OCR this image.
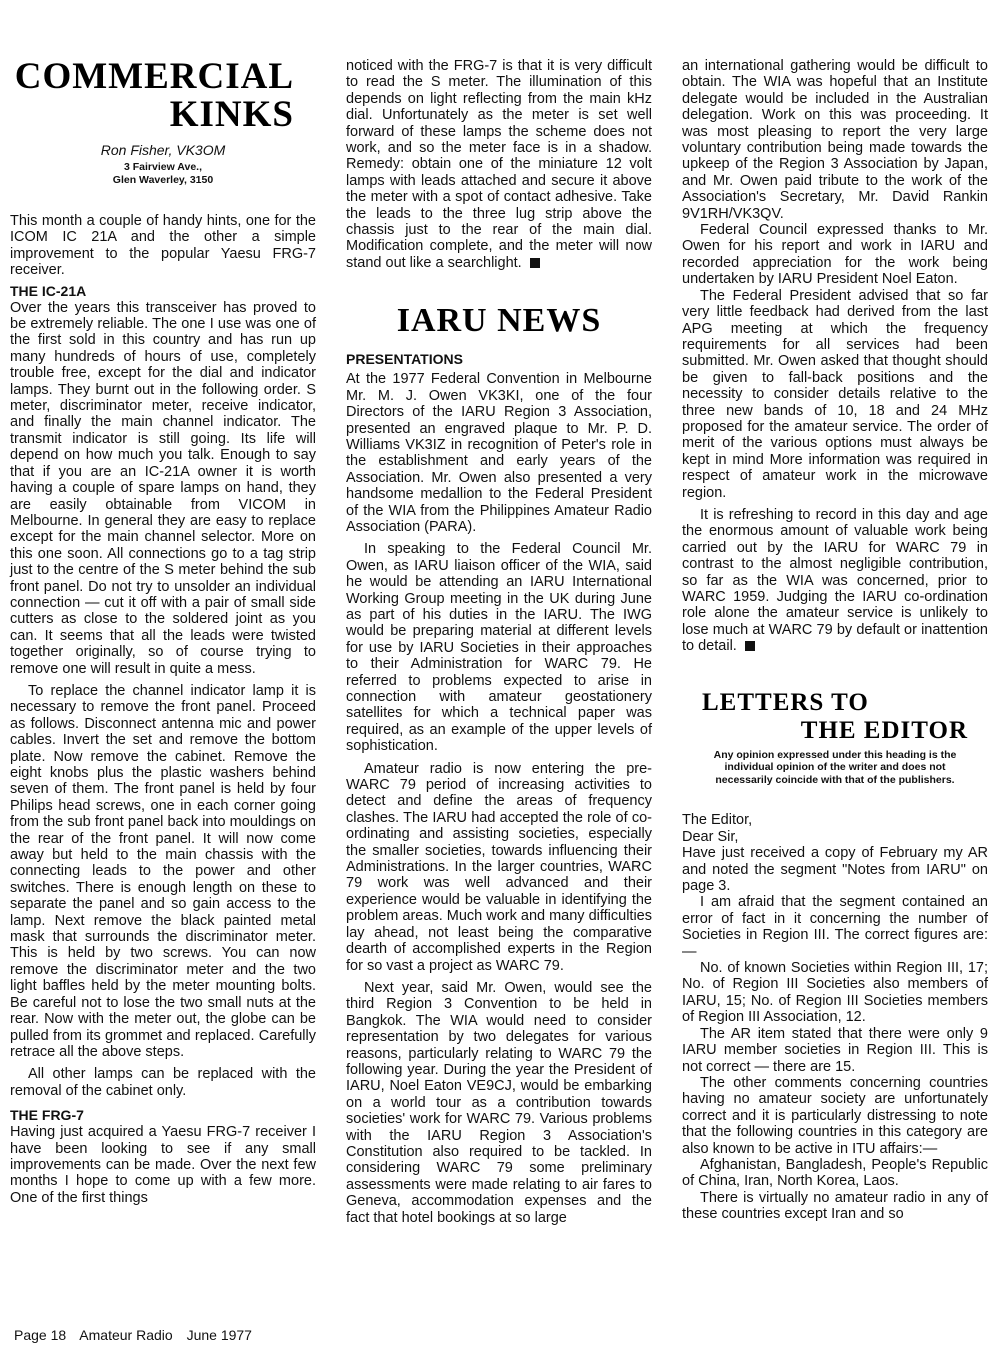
COMMERCIAL
KINKS
Ron Fisher, VK3OM
3 Fairview Ave.,
Glen Waverley, 3150

This month a couple of handy hints, one for the ICOM IC 21A and the other a simple improvement to the popular Yaesu FRG-7 receiver.

THE IC-21A

Over the years this transceiver has proved to be extremely reliable. The one I use was one of the first sold in this country and has run up many hundreds of hours of use, completely trouble free, except for the dial and indicator lamps. They burnt out in the following order. S meter, discriminator meter, receive indicator, and finally the main channel indicator. The transmit indicator is still going. Its life will depend on how much you talk. Enough to say that if you are an IC-21A owner it is worth having a couple of spare lamps on hand, they are easily obtainable from VICOM in Melbourne. In general they are easy to replace except for the main channel selector. More on this one soon. All connections go to a tag strip just to the centre of the S meter behind the sub front panel. Do not try to unsolder an individual connection — cut it off with a pair of small side cutters as close to the soldered joint as you can. It seems that all the leads were twisted together originally, so of course trying to remove one will result in quite a mess.

To replace the channel indicator lamp it is necessary to remove the front panel. Proceed as follows. Disconnect antenna mic and power cables. Invert the set and remove the bottom plate. Now remove the cabinet. Remove the eight knobs plus the plastic washers behind seven of them. The front panel is held by four Philips head screws, one in each corner going from the sub front panel back into mouldings on the rear of the front panel. It will now come away but held to the main chassis with the connecting leads to the power and other switches. There is enough length on these to separate the panel and so gain access to the lamp. Next remove the black painted metal mask that surrounds the discriminator meter. This is held by two screws. You can now remove the discriminator meter and the two light baffles held by the meter mounting bolts. Be careful not to lose the two small nuts at the rear. Now with the meter out, the globe can be pulled from its grommet and replaced. Carefully retrace all the above steps.

All other lamps can be replaced with the removal of the cabinet only.

THE FRG-7

Having just acquired a Yaesu FRG-7 receiver I have been looking to see if any small improvements can be made. Over the next few months I hope to come up with a few more. One of the first things

noticed with the FRG-7 is that it is very difficult to read the S meter. The illumination of this depends on light reflecting from the main kHz dial. Unfortunately as the meter is set well forward of these lamps the scheme does not work, and so the meter face is in a shadow. Remedy: obtain one of the miniature 12 volt lamps with leads attached and secure it above the meter with a spot of contact adhesive. Take the leads to the three lug strip above the chassis just to the rear of the main dial. Modification complete, and the meter will now stand out like a searchlight.

IARU NEWS
PRESENTATIONS

At the 1977 Federal Convention in Melbourne Mr. M. J. Owen VK3KI, one of the four Directors of the IARU Region 3 Association, presented an engraved plaque to Mr. P. D. Williams VK3IZ in recognition of Peter's role in the establishment and early years of the Association. Mr. Owen also presented a very handsome medallion to the Federal President of the WIA from the Philippines Amateur Radio Association (PARA).

In speaking to the Federal Council Mr. Owen, as IARU liaison officer of the WIA, said he would be attending an IARU International Working Group meeting in the UK during June as part of his duties in the IARU. The IWG would be preparing material at different levels for use by IARU Societies in their approaches to their Administration for WARC 79. He referred to problems expected to arise in connection with amateur geostationery satellites for which a technical paper was required, as an example of the upper levels of sophistication.

Amateur radio is now entering the pre-WARC 79 period of increasing activities to detect and define the areas of frequency clashes. The IARU had accepted the role of co-ordinating and assisting societies, especially the smaller societies, towards influencing their Administrations. In the larger countries, WARC 79 work was well advanced and their experience would be valuable in identifying the problem areas. Much work and many difficulties lay ahead, not least being the comparative dearth of accomplished experts in the Region for so vast a project as WARC 79.

Next year, said Mr. Owen, would see the third Region 3 Convention to be held in Bangkok. The WIA would need to consider representation by two delegates for various reasons, particularly relating to WARC 79 the following year. During the year the President of IARU, Noel Eaton VE9CJ, would be embarking on a world tour as a contribution towards societies' work for WARC 79. Various problems with the IARU Region 3 Association's Constitution also required to be tackled. In considering WARC 79 some preliminary assessments were made relating to air fares to Geneva, accommodation expenses and the fact that hotel bookings at so large

an international gathering would be difficult to obtain. The WIA was hopeful that an Institute delegate would be included in the Australian delegation. Work on this was proceeding. It was most pleasing to report the very large voluntary contribution being made towards the upkeep of the Region 3 Association by Japan, and Mr. Owen paid tribute to the work of the Association's Secretary, Mr. David Rankin 9V1RH/VK3QV.

Federal Council expressed thanks to Mr. Owen for his report and work in IARU and recorded appreciation for the work being undertaken by IARU President Noel Eaton.

The Federal President advised that so far very little feedback had derived from the last APG meeting at which the frequency requirements for all services had been submitted. Mr. Owen asked that thought should be given to fall-back positions and the necessity to consider details relative to the three new bands of 10, 18 and 24 MHz proposed for the amateur service. The order of merit of the various options must always be kept in mind More information was required in respect of amateur work in the microwave region.

It is refreshing to record in this day and age the enormous amount of valuable work being carried out by the IARU for WARC 79 in contrast to the almost negligible contribution, so far as the WIA was concerned, prior to WARC 1959. Judging the IARU co-ordination role alone the amateur service is unlikely to lose much at WARC 79 by default or inattention to detail.

LETTERS TO
THE EDITOR
Any opinion expressed under this heading is the individual opinion of the writer and does not necessarily coincide with that of the publishers.
The Editor,
Dear Sir,

Have just received a copy of February my AR and noted the segment "Notes from IARU" on page 3.

I am afraid that the segment contained an error of fact in it concerning the number of Societies in Region III. The correct figures are:—

No. of known Societies within Region III, 17; No. of Region III Societies also members of IARU, 15; No. of Region III Societies members of Region III Association, 12.

The AR item stated that there were only 9 IARU member societies in Region III. This is not correct — there are 15.

The other comments concerning countries having no amateur society are unfortunately correct and it is particularly distressing to note that the following countries in this category are also known to be active in ITU affairs:—

Afghanistan, Bangladesh, People's Republic of China, Iran, North Korea, Laos.

There is virtually no amateur radio in any of these countries except Iran and so

Page 18 Amateur Radio June 1977
